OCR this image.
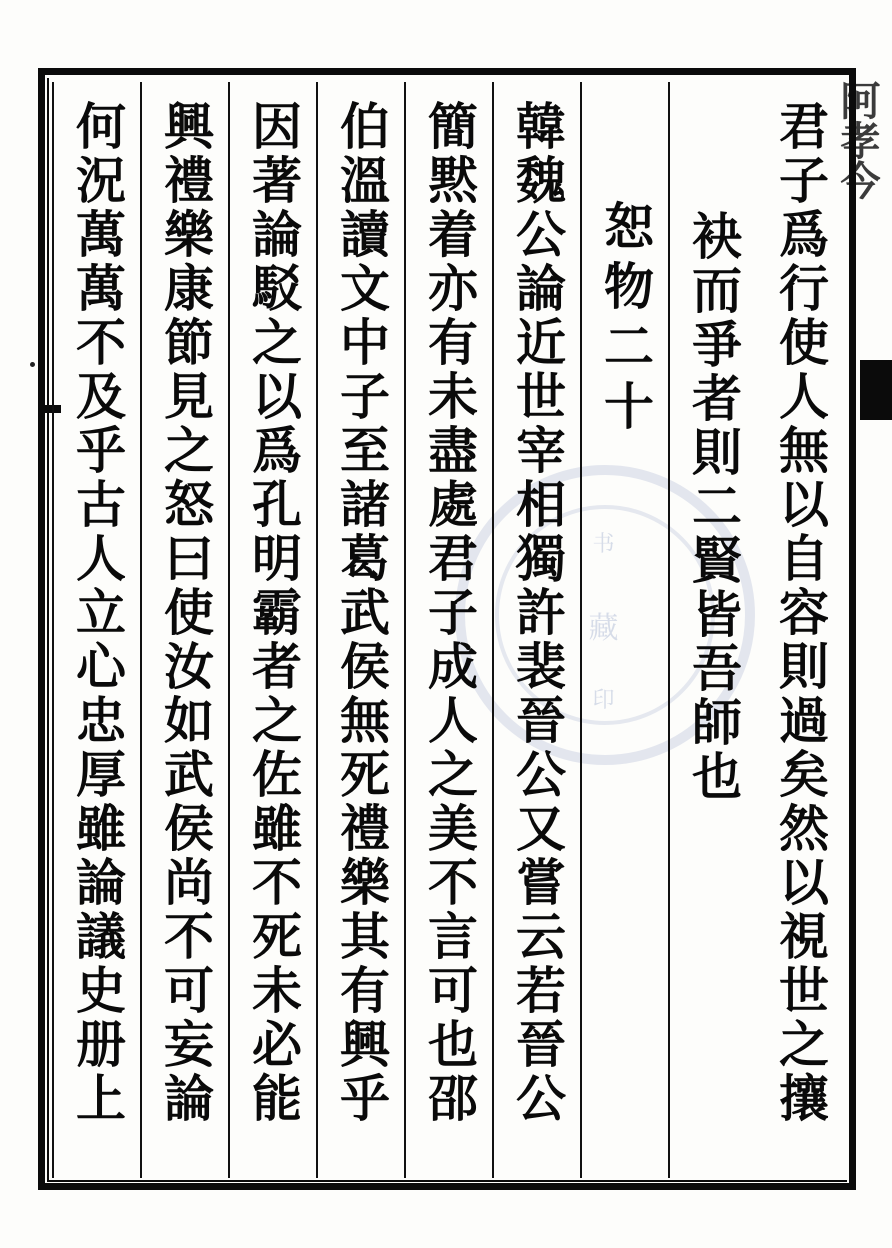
书
藏
印
阿孝今
君子爲行使人無以自容則過矣然以視世之攘
袂而爭者則二賢皆吾師也
恕物二十
韓魏公論近世宰相獨許裴晉公又嘗云若晉公
簡黙着亦有未盡處君子成人之美不言可也邵
伯溫讀文中子至諸葛武侯無死禮樂其有興乎
因著論駁之以爲孔明霸者之佐雖不死未必能
興禮樂康節見之怒曰使汝如武侯尚不可妄論
何況萬萬不及乎古人立心忠厚雖論議史册上
